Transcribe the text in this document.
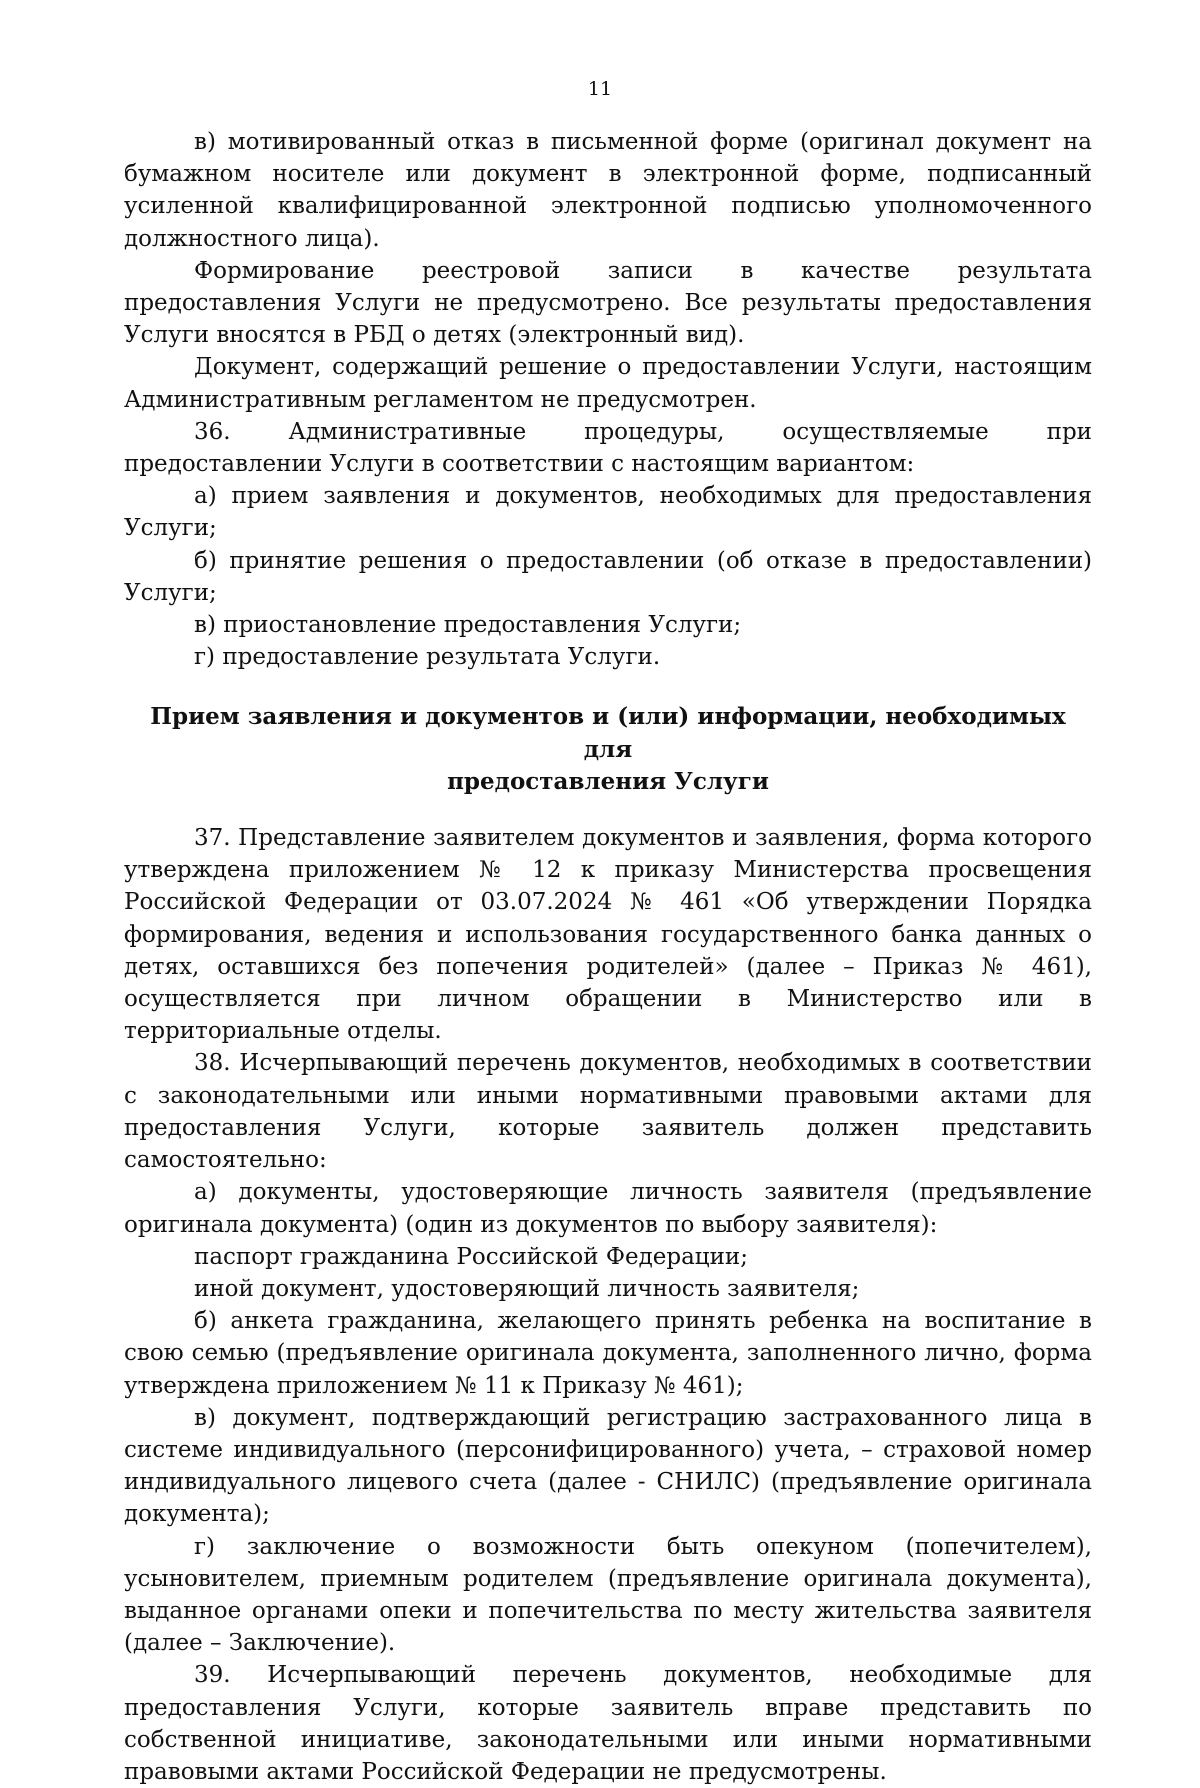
11

в) мотивированный отказ в письменной форме (оригинал документ на бумажном носителе или документ в электронной форме, подписанный усиленной квалифицированной электронной подписью уполномоченного должностного лица).

Формирование реестровой записи в качестве результата предоставления Услуги не предусмотрено. Все результаты предоставления Услуги вносятся в РБД о детях (электронный вид).

Документ, содержащий решение о предоставлении Услуги, настоящим Административным регламентом не предусмотрен.

36. Административные процедуры, осуществляемые при предоставлении Услуги в соответствии с настоящим вариантом:

а) прием заявления и документов, необходимых для предоставления Услуги;

б) принятие решения о предоставлении (об отказе в предоставлении) Услуги;

в) приостановление предоставления Услуги;

г) предоставление результата Услуги.

Прием заявления и документов и (или) информации, необходимых для
предоставления Услуги

37. Представление заявителем документов и заявления, форма которого утверждена приложением № 12 к приказу Министерства просвещения Российской Федерации от 03.07.2024 № 461 «Об утверждении Порядка формирования, ведения и использования государственного банка данных о детях, оставшихся без попечения родителей» (далее – Приказ № 461), осуществляется при личном обращении в Министерство или в территориальные отделы.

38. Исчерпывающий перечень документов, необходимых в соответствии с законодательными или иными нормативными правовыми актами для предоставления Услуги, которые заявитель должен представить самостоятельно:

а) документы, удостоверяющие личность заявителя (предъявление оригинала документа) (один из документов по выбору заявителя):

паспорт гражданина Российской Федерации;

иной документ, удостоверяющий личность заявителя;

б) анкета гражданина, желающего принять ребенка на воспитание в свою семью (предъявление оригинала документа, заполненного лично, форма утверждена приложением № 11 к Приказу № 461);

в) документ, подтверждающий регистрацию застрахованного лица в системе индивидуального (персонифицированного) учета, – страховой номер индивидуального лицевого счета (далее - СНИЛС) (предъявление оригинала документа);

г) заключение о возможности быть опекуном (попечителем), усыновителем, приемным родителем (предъявление оригинала документа), выданное органами опеки и попечительства по месту жительства заявителя (далее – Заключение).

39. Исчерпывающий перечень документов, необходимые для предоставления Услуги, которые заявитель вправе представить по собственной инициативе, законодательными или иными нормативными правовыми актами Российской Федерации не предусмотрены.
